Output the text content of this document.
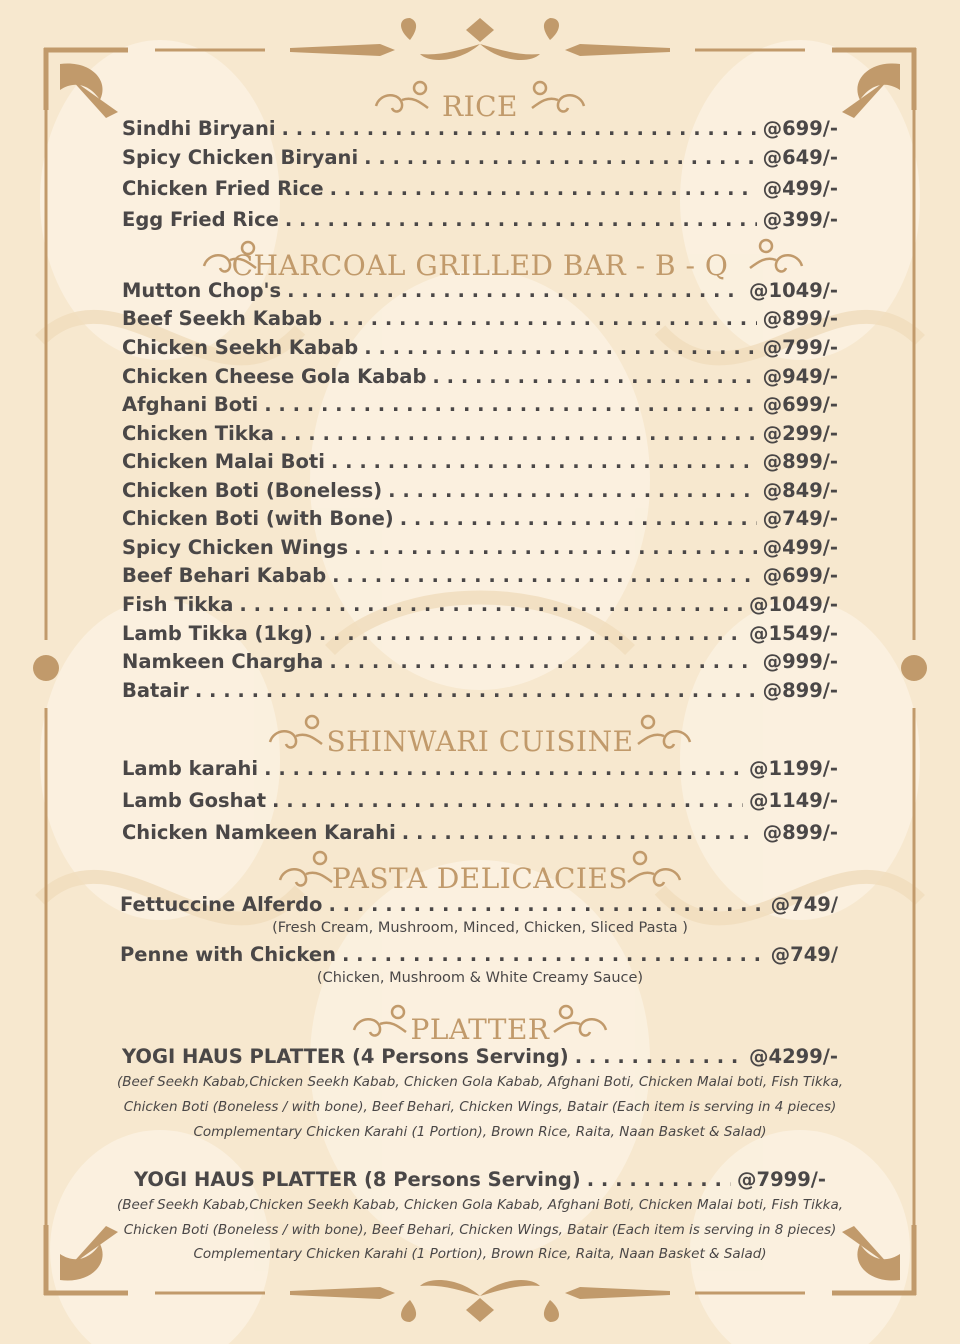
RICE
Sindhi Biryani . . .	@699/-
Spicy Chicken Biryani . . .	@649/-
Chicken Fried Rice . . .	@499/-
Egg Fried Rice . . .	@399/-
CHARCOAL GRILLED BAR - B - Q
Mutton Chop's . . .	@1049/-
Beef Seekh Kabab . . .	@899/-
Chicken Seekh Kabab . . .	@799/-
Chicken Cheese Gola Kabab . . .	@949/-
Afghani Boti . . .	@699/-
Chicken Tikka . . .	@299/-
Chicken Malai Boti . . .	@899/-
Chicken Boti (Boneless) . . .	@849/-
Chicken Boti (with Bone) . . .	@749/-
Spicy Chicken Wings . . .	@499/-
Beef Behari Kabab . . .	@699/-
Fish Tikka . . .	@1049/-
Lamb Tikka (1kg) . . .	@1549/-
Namkeen Chargha . . .	@999/-
Batair . . .	@899/-
SHINWARI CUISINE
Lamb karahi . . .	@1199/-
Lamb Goshat . . .	@1149/-
Chicken Namkeen Karahi . . .	@899/-
PASTA DELICACIES
Fettuccine Alferdo . . .	@749/
(Fresh Cream, Mushroom, Minced, Chicken, Sliced Pasta )
Penne with Chicken . . .	@749/
(Chicken, Mushroom & White Creamy Sauce)
PLATTER
YOGI HAUS PLATTER (4 Persons Serving) . . .	@4299/-
(Beef Seekh Kabab,Chicken Seekh Kabab, Chicken Gola Kabab, Afghani Boti, Chicken Malai boti, Fish Tikka,
Chicken Boti (Boneless / with bone), Beef Behari, Chicken Wings, Batair (Each item is serving in 4 pieces)
Complementary Chicken Karahi (1 Portion), Brown Rice, Raita, Naan Basket & Salad)
YOGI HAUS PLATTER (8 Persons Serving) . . .	@7999/-
(Beef Seekh Kabab,Chicken Seekh Kabab, Chicken Gola Kabab, Afghani Boti, Chicken Malai boti, Fish Tikka,
Chicken Boti (Boneless / with bone), Beef Behari, Chicken Wings, Batair (Each item is serving in 8 pieces)
Complementary Chicken Karahi (1 Portion), Brown Rice, Raita, Naan Basket & Salad)
